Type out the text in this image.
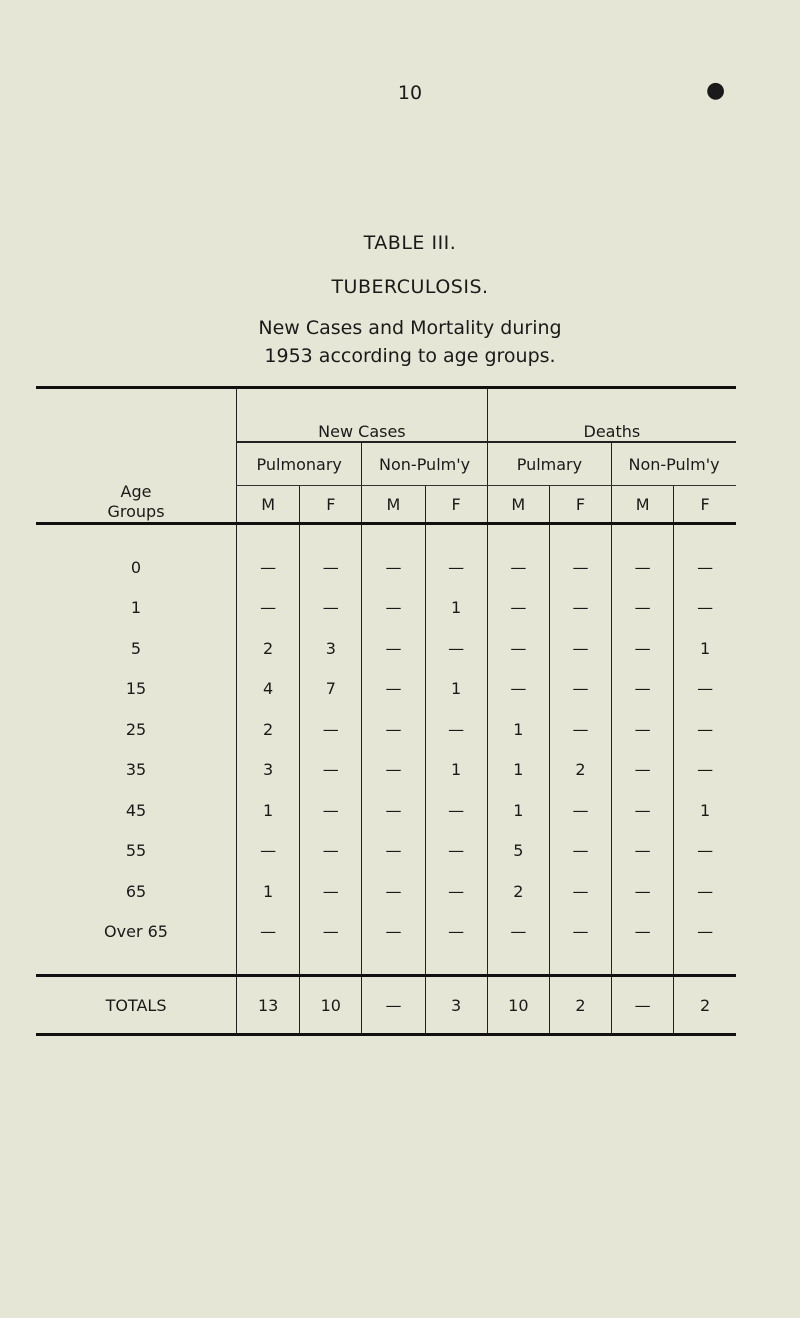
10	●
TABLE III.
TUBERCULOSIS.
New Cases and Mortality during
1953 according to age groups.
Age
Groups	New Cases				Deaths			
	Pulmonary		Non-Pulm'y		Pulmary		Non-Pulm'y	
	M	F	M	F	M	F	M	F

0	—	—	—	—	—	—	—	—
1	—	—	—	1	—	—	—	—
5	2	3	—	—	—	—	—	1
15	4	7	—	1	—	—	—	—
25	2	—	—	—	1	—	—	—
35	3	—	—	1	1	2	—	—
45	1	—	—	—	1	—	—	1
55	—	—	—	—	5	—	—	—
65	1	—	—	—	2	—	—	—
Over 65	—	—	—	—	—	—	—	—

TOTALS	13	10	—	3	10	2	—	2
